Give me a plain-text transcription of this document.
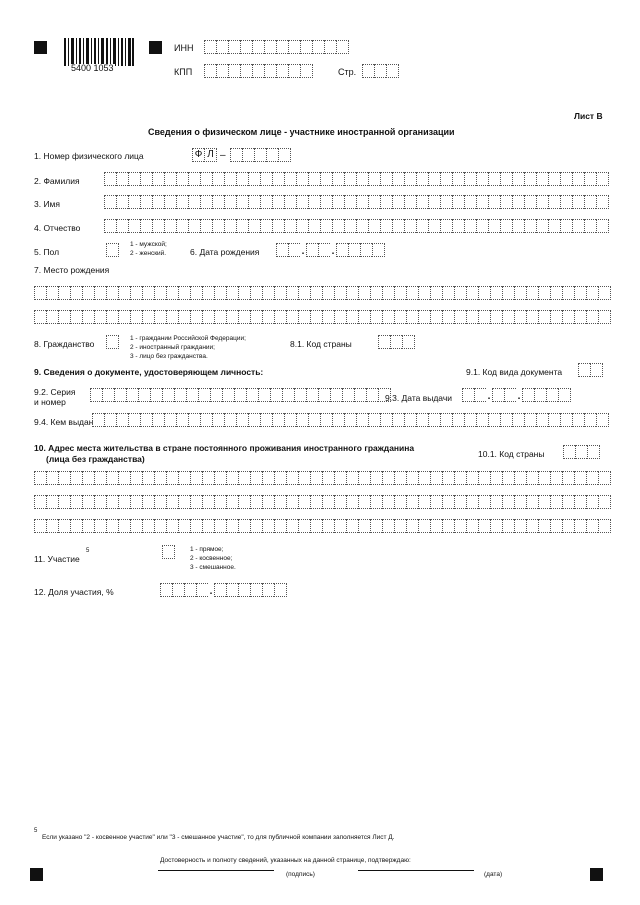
5400 1053
ИНН
КПП	Стр.
Лист В
Сведения о физическом лице - участнике иностранной организации
1. Номер физического лица	Ф Л –
2. Фамилия
3. Имя
4. Отчество
5. Пол
1 - мужской;
2 - женский.	6. Дата рождения	.	.
7. Место рождения
8. Гражданство
1 - граждании Российской Федерации;
2 - иностранный граждании;
3 - лицо без гражданства.
8.1. Код страны
9. Сведения о документе, удостоверяющем личность:	9.1. Код вида документа
9.2. Серия
и номер	9.3. Дата выдачи	.	.
9.4. Кем выдан
10. Адрес места жительства в стране постоянного проживания иностранного гражданина
(лица без гражданства)	10.1. Код страны
11. Участие
5	1 - прямое;
2 - косвенное;
3 - смешанное.
12. Доля участия, %	.
5
Если указано "2 - косвенное участие" или "3 - смешанное участие", то для публичной компании заполняется Лист Д.
Достоверность и полноту сведений, указанных на данной странице, подтверждаю:
(подпись)	(дата)
